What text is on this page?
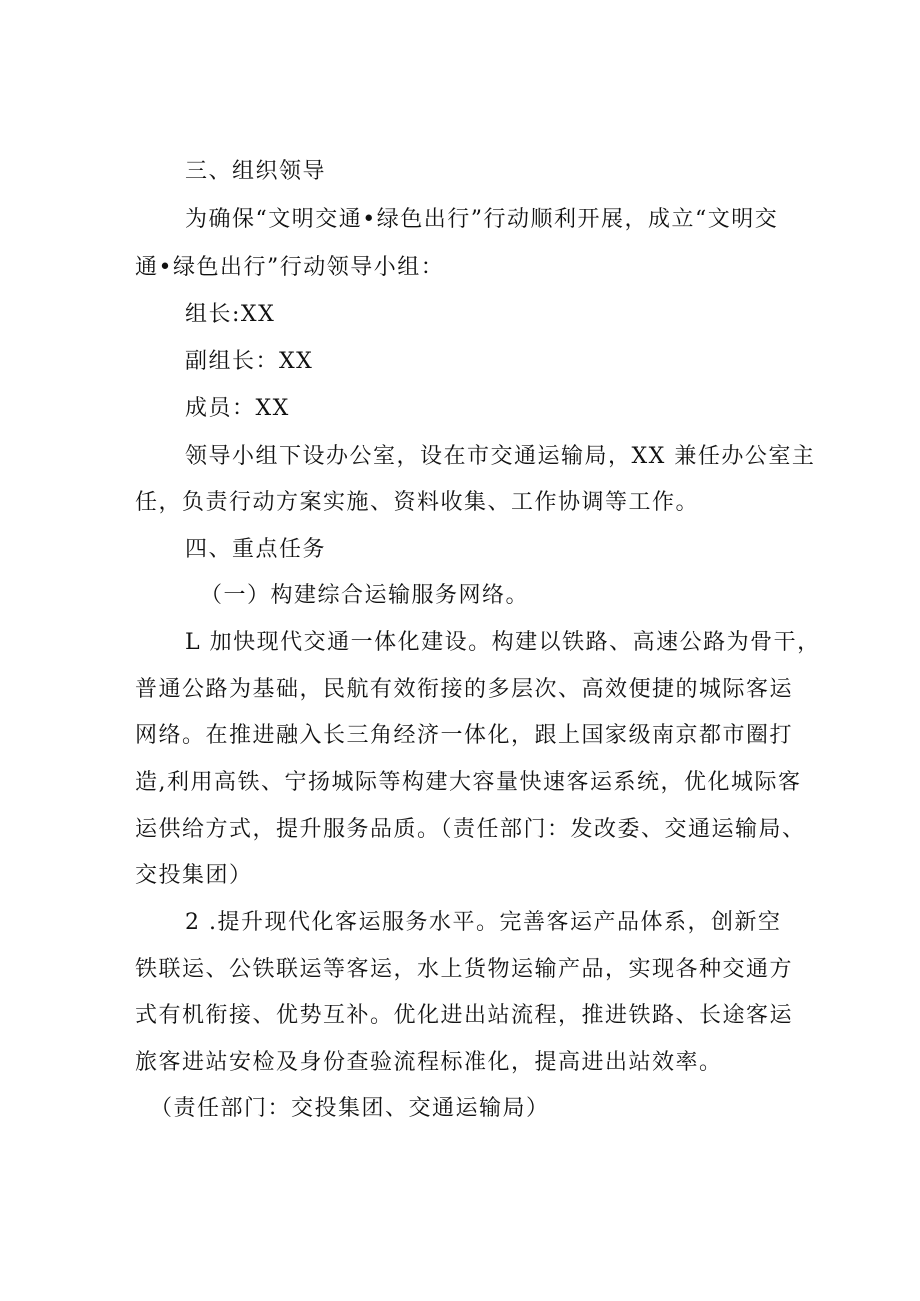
三、组织领导
为确保“文明交通•绿色出行”行动顺利开展，成立“文明交
通•绿色出行”行动领导小组：
组长:XX
副组长：XX
成员：XX
领导小组下设办公室，设在市交通运输局，XX 兼任办公室主
任，负责行动方案实施、资料收集、工作协调等工作。
四、重点任务
（一）构建综合运输服务网络。
L 加快现代交通一体化建设。构建以铁路、高速公路为骨干，
普通公路为基础，民航有效衔接的多层次、高效便捷的城际客运
网络。在推进融入长三角经济一体化，跟上国家级南京都市圈打
造,利用高铁、宁扬城际等构建大容量快速客运系统，优化城际客
运供给方式，提升服务品质。（责任部门：发改委、交通运输局、
交投集团）
2 .提升现代化客运服务水平。完善客运产品体系，创新空
铁联运、公铁联运等客运，水上货物运输产品，实现各种交通方
式有机衔接、优势互补。优化进出站流程，推进铁路、长途客运
旅客进站安检及身份查验流程标准化，提高进出站效率。
（责任部门：交投集团、交通运输局）
